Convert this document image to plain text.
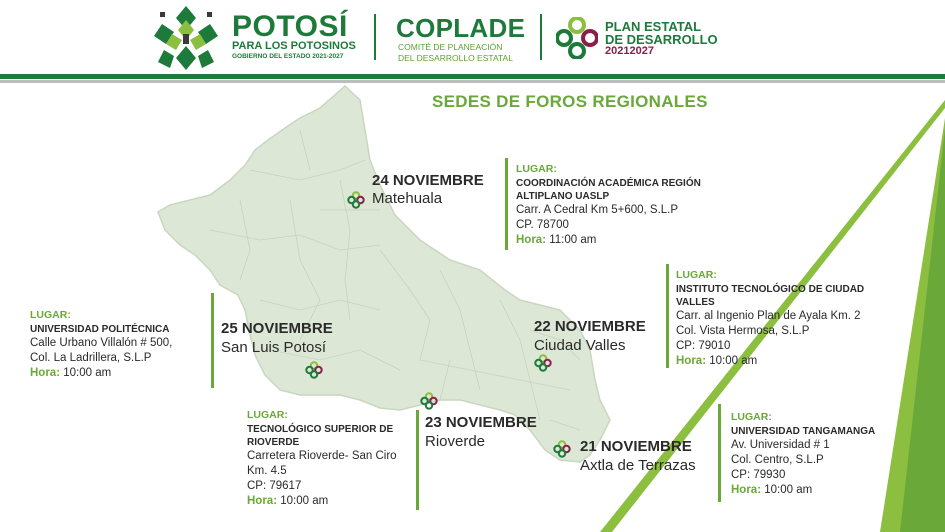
POTOSÍ
PARA LOS POTOSINOS
GOBIERNO DEL ESTADO 2021-2027
COPLADE
COMITÉ DE PLANEACIÓN
DEL DESARROLLO ESTATAL
PLAN ESTATAL
DE DESARROLLO
20212027
SEDES DE FOROS REGIONALES
24 NOVIEMBRE
Matehuala
LUGAR:
COORDINACIÓN ACADÉMICA REGIÓN
ALTIPLANO UASLP
Carr. A Cedral Km 5+600, S.L.P
CP. 78700
Hora: 11:00 am
22 NOVIEMBRE
Ciudad Valles
LUGAR:
INSTITUTO TECNOLÓGICO DE CIUDAD
VALLES
Carr. al Ingenio Plan de Ayala Km. 2
Col. Vista Hermosa, S.L.P
CP: 79010
Hora: 10:00 am
LUGAR:
UNIVERSIDAD POLITÉCNICA
Calle Urbano Villalón # 500,
Col. La Ladrillera, S.L.P
Hora: 10:00 am
25 NOVIEMBRE
San Luis Potosí
LUGAR:
TECNOLÓGICO SUPERIOR DE
RIOVERDE
Carretera Rioverde- San Ciro
Km. 4.5
CP: 79617
Hora: 10:00 am
23 NOVIEMBRE
Rioverde	21 NOVIEMBRE
Axtla de Terrazas
LUGAR:
UNIVERSIDAD TANGAMANGA
Av. Universidad # 1
Col. Centro, S.L.P
CP: 79930
Hora: 10:00 am
